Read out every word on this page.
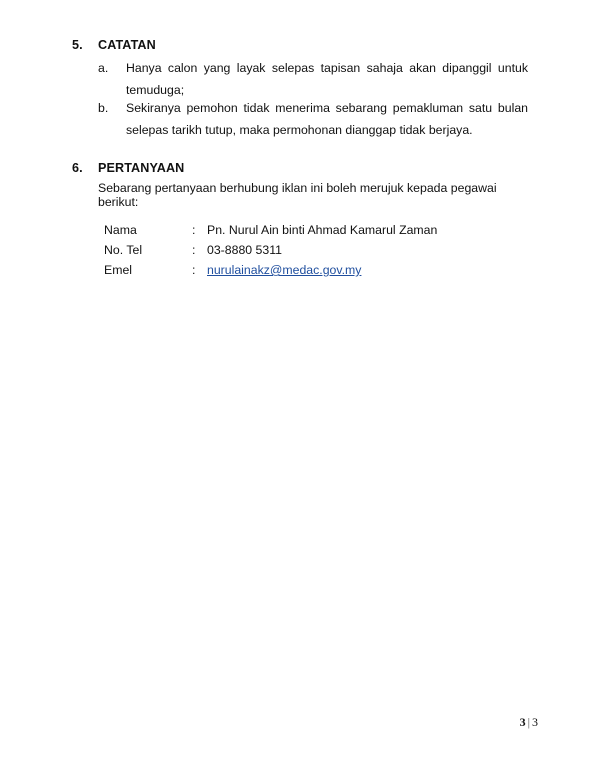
5. CATATAN
a. Hanya calon yang layak selepas tapisan sahaja akan dipanggil untuk temuduga;
b. Sekiranya pemohon tidak menerima sebarang pemakluman satu bulan selepas tarikh tutup, maka permohonan dianggap tidak berjaya.
6. PERTANYAAN
Sebarang pertanyaan berhubung iklan ini boleh merujuk kepada pegawai berikut:
Nama	: Pn. Nurul Ain binti Ahmad Kamarul Zaman
No. Tel	: 03-8880 5311
Emel	: nurulainakz@medac.gov.my
3 | 3
